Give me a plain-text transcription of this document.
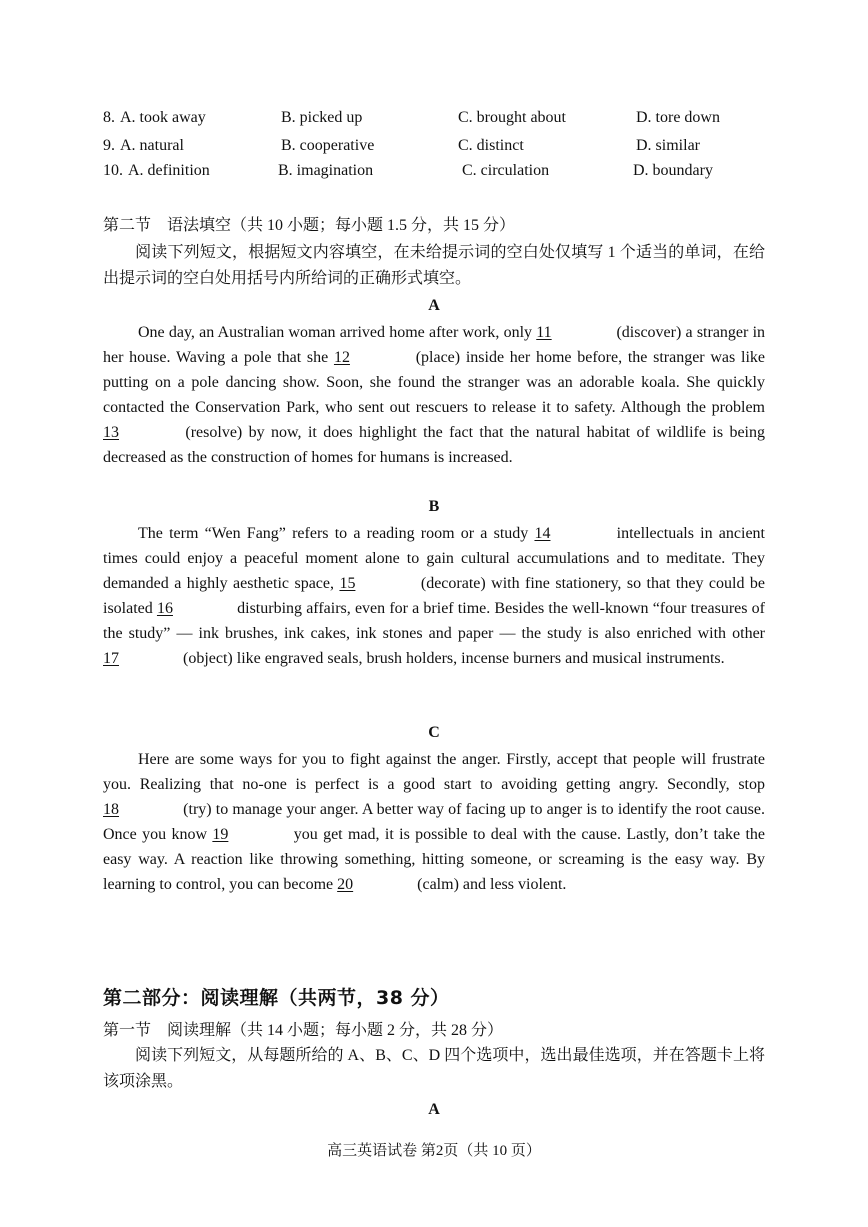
8. A. took away	B. picked up	C. brought about	D. tore down
9. A. natural	B. cooperative	C. distinct	D. similar
10. A. definition	B. imagination	C. circulation	D. boundary
第二节　语法填空（共 10 小题；每小题 1.5 分，共 15 分）
阅读下列短文，根据短文内容填空，在未给提示词的空白处仅填写 1 个适当的单词，在给出提示词的空白处用括号内所给词的正确形式填空。
A
One day, an Australian woman arrived home after work, only 11	(discover) a stranger in her house. Waving a pole that she 12	(place) inside her home before, the stranger was like putting on a pole dancing show. Soon, she found the stranger was an adorable koala. She quickly contacted the Conservation Park, who sent out rescuers to release it to safety. Although the problem 13	(resolve) by now, it does highlight the fact that the natural habitat of wildlife is being decreased as the construction of homes for humans is increased.
B
The term “Wen Fang” refers to a reading room or a study 14	intellectuals in ancient times could enjoy a peaceful moment alone to gain cultural accumulations and to meditate. They demanded a highly aesthetic space, 15	(decorate) with fine stationery, so that they could be isolated 16	disturbing affairs, even for a brief time. Besides the well-known “four treasures of the study” — ink brushes, ink cakes, ink stones and paper — the study is also enriched with other 17	(object) like engraved seals, brush holders, incense burners and musical instruments.
C
Here are some ways for you to fight against the anger. Firstly, accept that people will frustrate you. Realizing that no-one is perfect is a good start to avoiding getting angry. Secondly, stop 18	(try) to manage your anger. A better way of facing up to anger is to identify the root cause. Once you know 19	you get mad, it is possible to deal with the cause. Lastly, don’t take the easy way. A reaction like throwing something, hitting someone, or screaming is the easy way. By learning to control, you can become 20	(calm) and less violent.
第二部分：阅读理解（共两节，38 分）
第一节　阅读理解（共 14 小题；每小题 2 分，共 28 分）
阅读下列短文，从每题所给的 A、B、C、D 四个选项中，选出最佳选项，并在答题卡上将该项涂黑。
A
高三英语试卷 第2页（共 10 页）
